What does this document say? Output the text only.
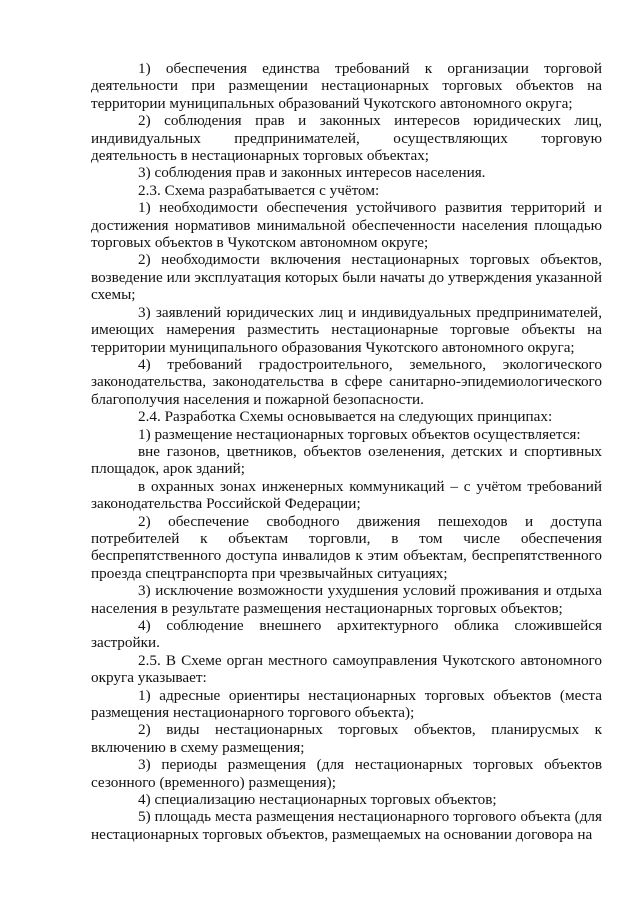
1) обеспечения единства требований к организации торговой деятельности при размещении нестационарных торговых объектов на территории муниципальных образований Чукотского автономного округа;

2) соблюдения прав и законных интересов юридических лиц, индивидуальных предпринимателей, осуществляющих торговую деятельность в нестационарных торговых объектах;

3) соблюдения прав и законных интересов населения.

2.3. Схема разрабатывается с учётом:

1) необходимости обеспечения устойчивого развития территорий и достижения нормативов минимальной обеспеченности населения площадью торговых объектов в Чукотском автономном округе;

2) необходимости включения нестационарных торговых объектов, возведение или эксплуатация которых были начаты до утверждения указанной схемы;

3) заявлений юридических лиц и индивидуальных предпринимателей, имеющих намерения разместить нестационарные торговые объекты на территории муниципального образования Чукотского автономного округа;

4) требований градостроительного, земельного, экологического законодательства, законодательства в сфере санитарно-эпидемиологического благополучия населения и пожарной безопасности.

2.4. Разработка Схемы основывается на следующих принципах:

1) размещение нестационарных торговых объектов осуществляется:

вне газонов, цветников, объектов озеленения, детских и спортивных площадок, арок зданий;

в охранных зонах инженерных коммуникаций – с учётом требований законодательства Российской Федерации;

2) обеспечение свободного движения пешеходов и доступа потребителей к объектам торговли, в том числе обеспечения беспрепятственного доступа инвалидов к этим объектам, беспрепятственного проезда спецтранспорта при чрезвычайных ситуациях;

3) исключение возможности ухудшения условий проживания и отдыха населения в результате размещения нестационарных торговых объектов;

4) соблюдение внешнего архитектурного облика сложившейся застройки.

2.5. В Схеме орган местного самоуправления Чукотского автономного округа указывает:

1) адресные ориентиры нестационарных торговых объектов (места размещения нестационарного торгового объекта);

2) виды нестационарных торговых объектов, планирусмых к включению в схему размещения;

3) периоды размещения (для нестационарных торговых объектов сезонного (временного) размещения);

4) специализацию нестационарных торговых объектов;

5) площадь места размещения нестационарного торгового объекта (для нестационарных торговых объектов, размещаемых на основании договора на
